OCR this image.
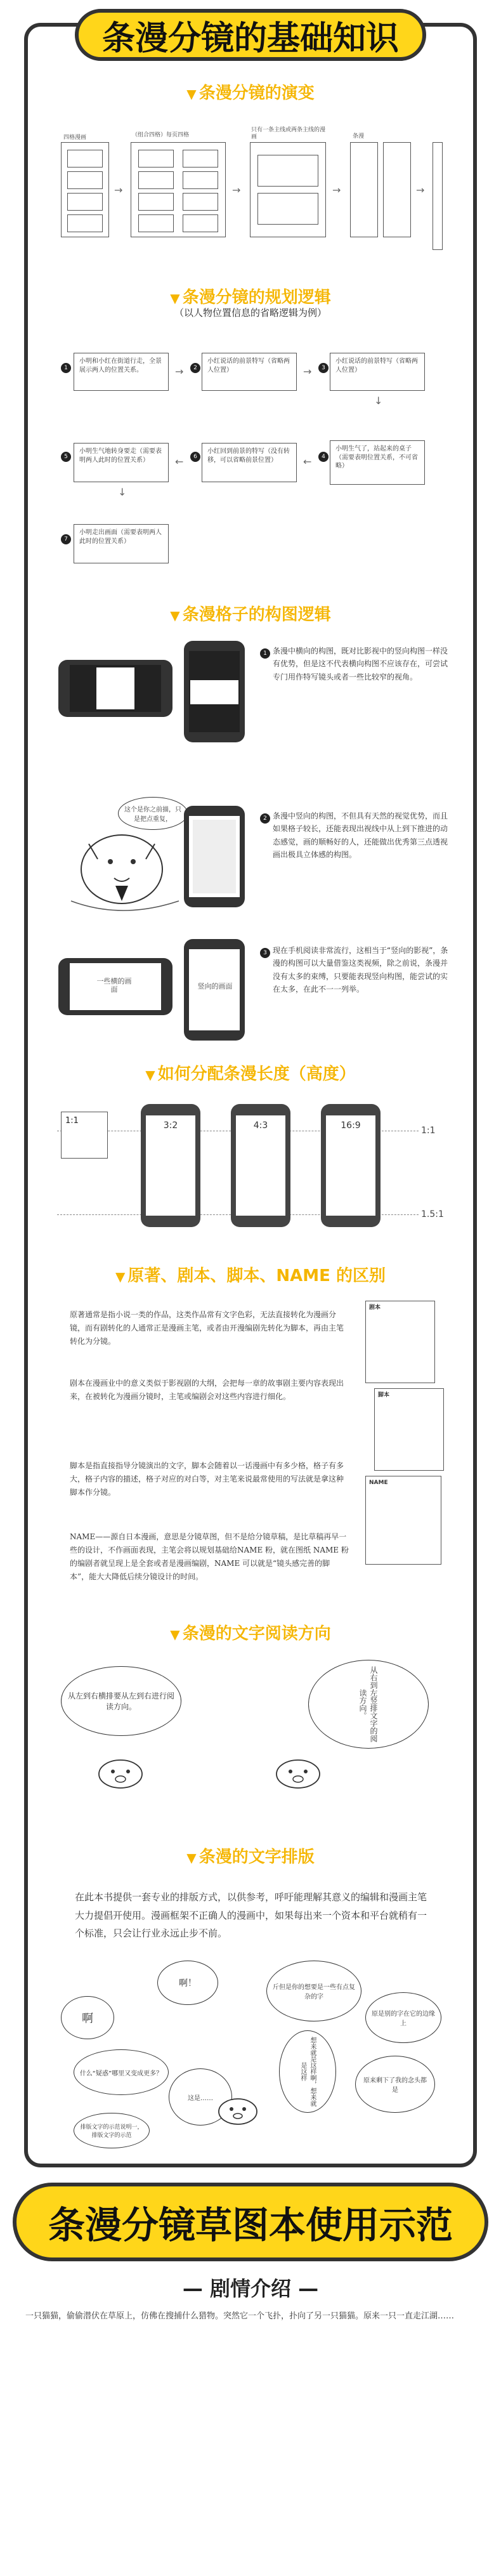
条漫分镜的基础知识
▼ 条漫分镜的演变
四格漫画
→
（组合四格）每页四格
→
只有一条主线或两条主线的漫画
→
条漫
→
▼ 条漫分镜的规划逻辑
（以人物位置信息的省略逻辑为例）
1
小明和小红在街道行走，全景展示两人的位置关系。	→	2
小红说话的前景特写（省略两人位置）	→	3
小红说话的前景特写（省略两人位置）
↓
5
小明生气地转身要走（需要表明两人此时的位置关系）	←	6
小红回到前景的特写（没有转移，可以省略前景位置）	←	4
小明生气了，站起来的桌子（需要表明位置关系，不可省略）
↓
7
小明走出画面（需要表明两人此时的位置关系）
▼ 条漫格子的构图逻辑
1 条漫中横向的构图，既对比影视中的竖向构图一样没有优势，但是这不代表横向构图不应该存在，可尝试专门用作特写镜头或者一些比较窄的视角。
这个是你之前描，只是把点重复，	2 条漫中竖向的构图，不但具有天然的视觉优势，而且如果格子较长，还能表现出视线中从上到下推进的动态感觉，画的顺畅好的人，还能做出优秀第三点透视画出极具立体感的构图。
一些横的画面	竖向的画面
3 现在手机阅读非常流行，这相当于“竖向的影视”，条漫的构图可以大量借鉴这类视频，除之前说，条漫并没有太多的束缚，只要能表现竖向构图，能尝试的实在太多，在此不一一列举。
▼ 如何分配条漫长度（高度）
1:1	3:2	4:3	16:9	1:1
1.5:1
▼ 原著、剧本、脚本、NAME 的区别
原著通常是指小说一类的作品，这类作品常有文字色彩，无法直接转化为漫画分镜，而有剧转化的人通常正是漫画主笔，或者由开漫编剧先转化为脚本，再由主笔转化为分镜。
剧本在漫画业中的意义类似于影视剧的大纲，会把每一章的故事剧主要内容表现出来，在被转化为漫画分镜时，主笔或编剧会对这些内容进行细化。
脚本是指直接指导分镜演出的文字，脚本会随着以一话漫画中有多少格，格子有多大，格子内容的描述，格子对应的对白等，对主笔来说最常使用的写法就是拿这种脚本作分镜。
NAME——源自日本漫画，意思是分镜草图，但不是给分镜草稿，是比草稿再早一些的设计，不作画面表现，主笔会将以规划基础给NAME 粉，就在图纸 NAME 粉的编剧者就呈现上是全套或者是漫画编剧，NAME 可以就是“镜头感完善的脚本”，能大大降低后续分镜设计的时间。
剧本
脚本
NAME
▼ 条漫的文字阅读方向
从左到右横排要从左到右进行阅读方向。	从右到左竖排文字的阅读方向。
▼ 条漫的文字排版
在此本书提供一套专业的排版方式，以供参考，呼吁能理解其意义的编辑和漫画主笔大力提倡开使用。漫画框架不正确人的漫画中，如果每出来一个资本和平台就稍有一个标准，只会让行业永远止步不前。
啊
啊！
什么“疑惑”哪里又变成更多？
这是……
斤但是你的想要是一些有点复杂的字
想来就是这样啊，想来就是这样
原是别的字在它的边缘上
原来剩下了我的念头都是
排版文字的示范说明一，排版文字的示范
条漫分镜草图本使用示范
— 剧情介绍 —
一只猫猫，偷偷潜伏在草原上，仿佛在搜捕什么猎物。突然它一个飞扑，扑向了另一只猫猫。原来一只一直走江湖……
